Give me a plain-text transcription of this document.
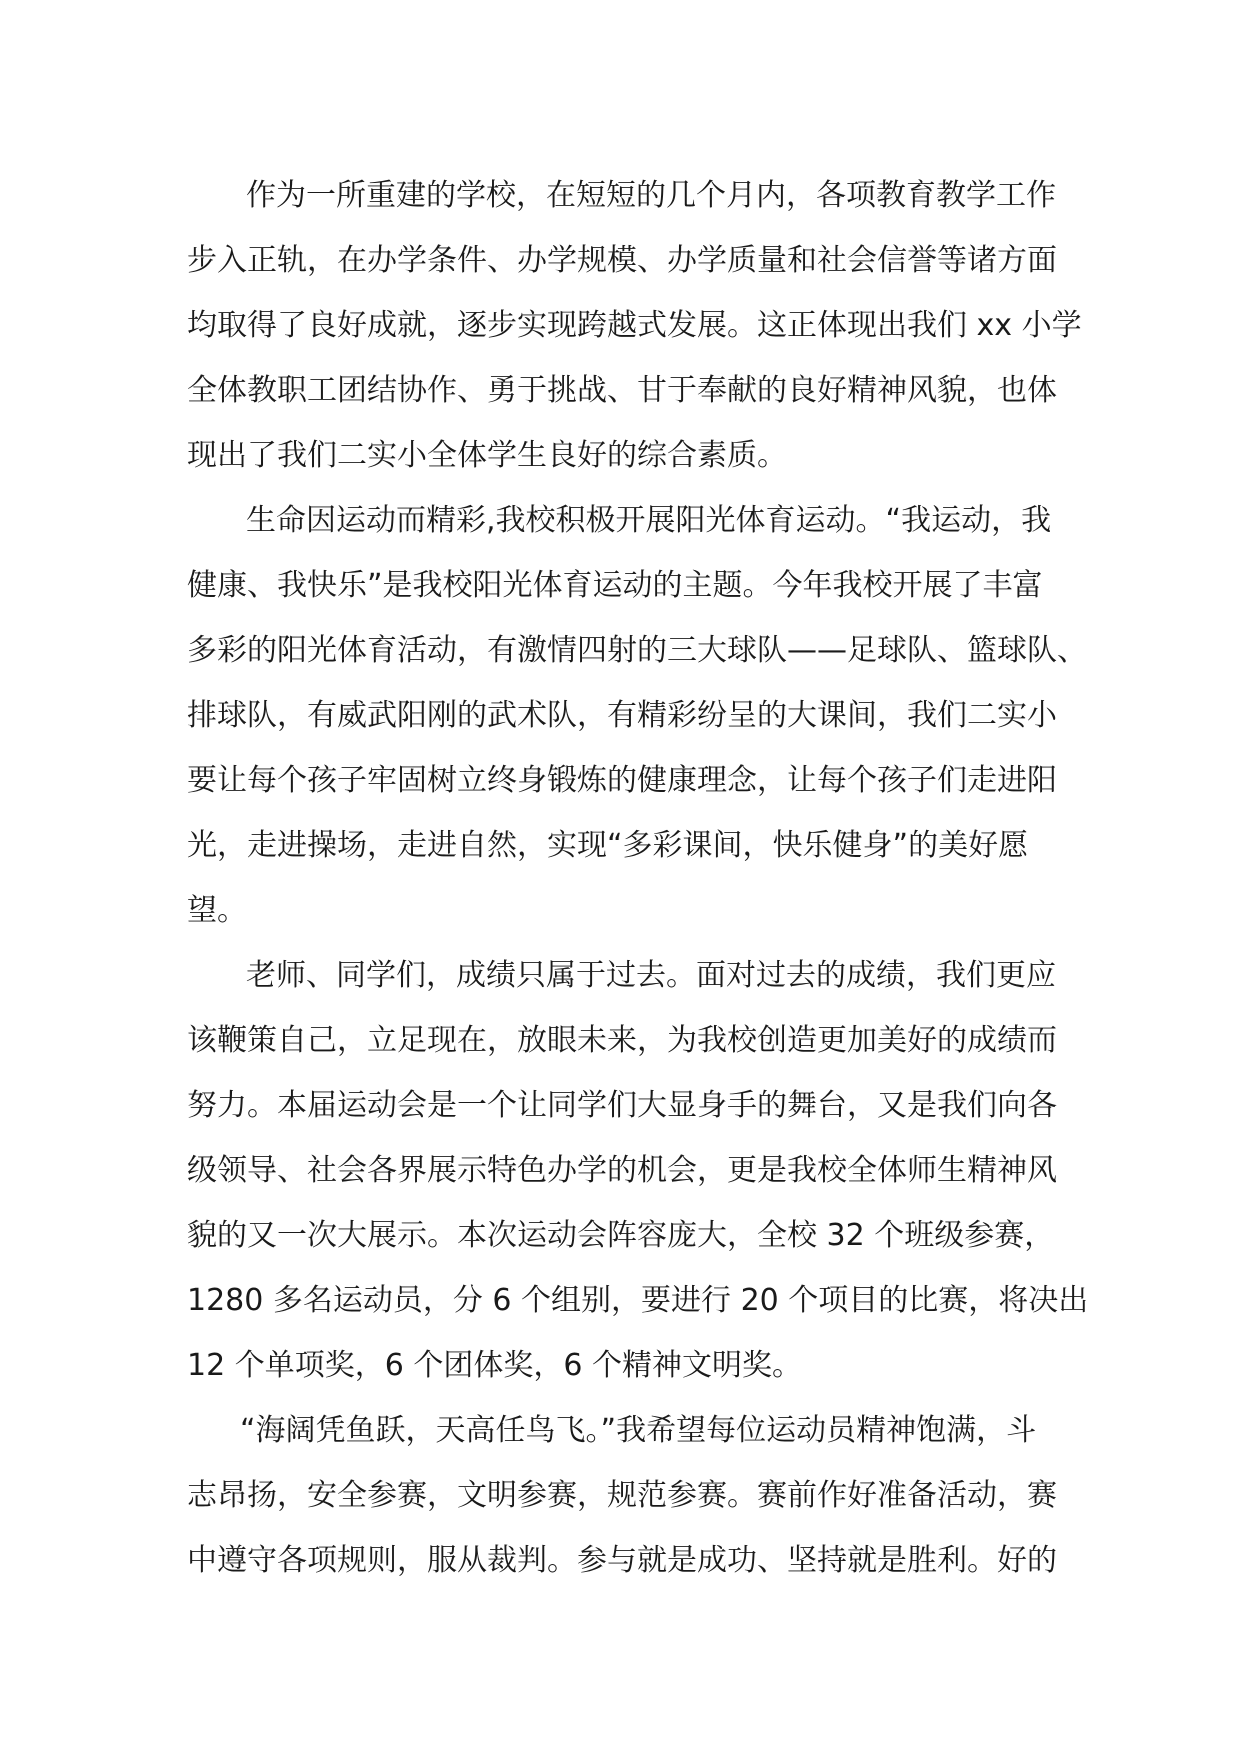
作为一所重建的学校，在短短的几个月内，各项教育教学工作
步入正轨，在办学条件、办学规模、办学质量和社会信誉等诸方面
均取得了良好成就，逐步实现跨越式发展。这正体现出我们 xx 小学
全体教职工团结协作、勇于挑战、甘于奉献的良好精神风貌，也体
现出了我们二实小全体学生良好的综合素质。
生命因运动而精彩,我校积极开展阳光体育运动。“我运动，我
健康、我快乐”是我校阳光体育运动的主题。今年我校开展了丰富
多彩的阳光体育活动，有激情四射的三大球队——足球队、篮球队、
排球队，有威武阳刚的武术队，有精彩纷呈的大课间，我们二实小
要让每个孩子牢固树立终身锻炼的健康理念，让每个孩子们走进阳
光，走进操场，走进自然，实现“多彩课间，快乐健身”的美好愿
望。
老师、同学们，成绩只属于过去。面对过去的成绩，我们更应
该鞭策自己，立足现在，放眼未来，为我校创造更加美好的成绩而
努力。本届运动会是一个让同学们大显身手的舞台，又是我们向各
级领导、社会各界展示特色办学的机会，更是我校全体师生精神风
貌的又一次大展示。本次运动会阵容庞大，全校 32 个班级参赛，
1280 多名运动员，分 6 个组别，要进行 20 个项目的比赛，将决出
12 个单项奖，6 个团体奖，6 个精神文明奖。
“海阔凭鱼跃，天高任鸟飞。”我希望每位运动员精神饱满，斗
志昂扬，安全参赛，文明参赛，规范参赛。赛前作好准备活动，赛
中遵守各项规则，服从裁判。参与就是成功、坚持就是胜利。好的
